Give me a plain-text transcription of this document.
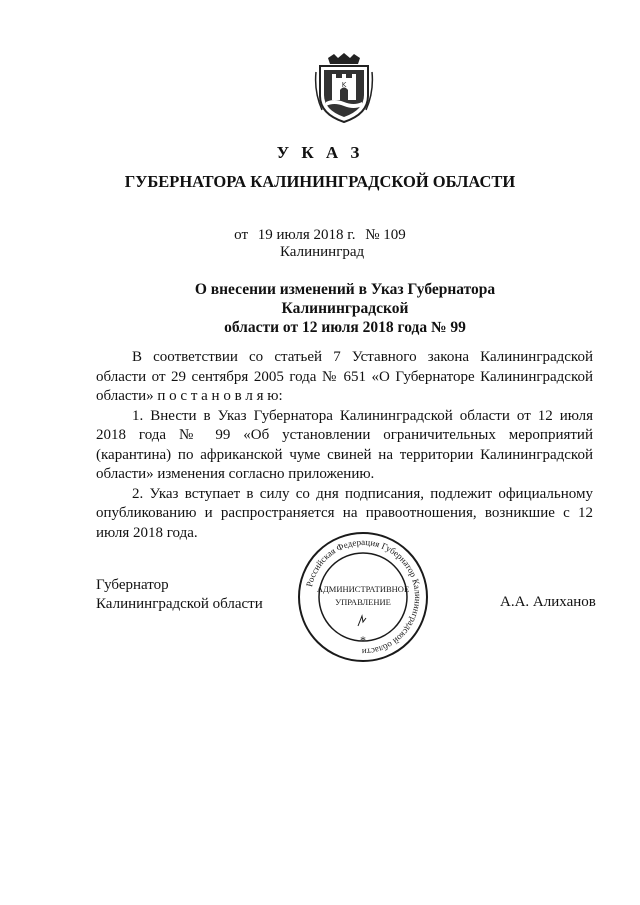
K
У К А З
ГУБЕРНАТОРА КАЛИНИНГРАДСКОЙ ОБЛАСТИ
от 19 июля 2018 г. № 109
Калининград
О внесении изменений в Указ Губернатора Калининградской
области от 12 июля 2018 года № 99

В соответствии со статьей 7 Уставного закона Калининградской области от 29 сентября 2005 года № 651 «О Губернаторе Калининградской области» п о с т а н о в л я ю:

1. Внести в Указ Губернатора Калининградской области от 12 июля 2018 года № 99 «Об установлении ограничительных мероприятий (карантина) по африканской чуме свиней на территории Калининградской области» изменения согласно приложению.

2. Указ вступает в силу со дня подписания, подлежит официальному опубликованию и распространяется на правоотношения, возникшие с 12 июля 2018 года.

Губернатор
Калининградской области
Российская Федерация Губернатор Калининградской области
АДМИНИСТРАТИВНОЕ
УПРАВЛЕНИЕ
*
А.А. Алиханов
